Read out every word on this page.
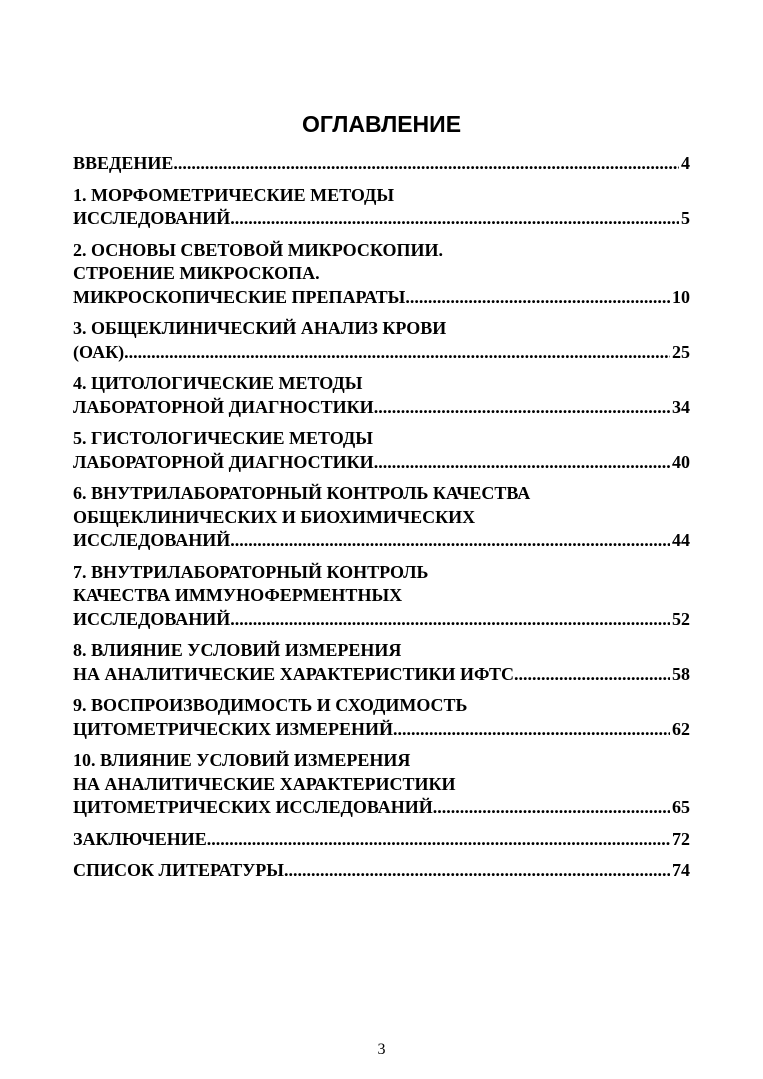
ОГЛАВЛЕНИЕ
ВВЕДЕНИЕ .....	4
1. МОРФОМЕТРИЧЕСКИЕ МЕТОДЫ
ИССЛЕДОВАНИЙ .....	5
2. ОСНОВЫ СВЕТОВОЙ МИКРОСКОПИИ.
СТРОЕНИЕ МИКРОСКОПА.
МИКРОСКОПИЧЕСКИЕ ПРЕПАРАТЫ .....	10
3. ОБЩЕКЛИНИЧЕСКИЙ АНАЛИЗ КРОВИ
(ОАК) .....	25
4. ЦИТОЛОГИЧЕСКИЕ МЕТОДЫ
ЛАБОРАТОРНОЙ ДИАГНОСТИКИ .....	34
5. ГИСТОЛОГИЧЕСКИЕ МЕТОДЫ
ЛАБОРАТОРНОЙ ДИАГНОСТИКИ .....	40
6. ВНУТРИЛАБОРАТОРНЫЙ КОНТРОЛЬ КАЧЕСТВА
ОБЩЕКЛИНИЧЕСКИХ И БИОХИМИЧЕСКИХ
ИССЛЕДОВАНИЙ .....	44
7. ВНУТРИЛАБОРАТОРНЫЙ КОНТРОЛЬ
КАЧЕСТВА ИММУНОФЕРМЕНТНЫХ
ИССЛЕДОВАНИЙ .....	52
8. ВЛИЯНИЕ УСЛОВИЙ ИЗМЕРЕНИЯ
НА АНАЛИТИЧЕСКИЕ ХАРАКТЕРИСТИКИ ИФТС .....	58
9. ВОСПРОИЗВОДИМОСТЬ И СХОДИМОСТЬ
ЦИТОМЕТРИЧЕСКИХ ИЗМЕРЕНИЙ .....	62
10. ВЛИЯНИЕ УСЛОВИЙ ИЗМЕРЕНИЯ
НА АНАЛИТИЧЕСКИЕ ХАРАКТЕРИСТИКИ
ЦИТОМЕТРИЧЕСКИХ ИССЛЕДОВАНИЙ .....	65
ЗАКЛЮЧЕНИЕ .....	72
СПИСОК ЛИТЕРАТУРЫ .....	74
3
